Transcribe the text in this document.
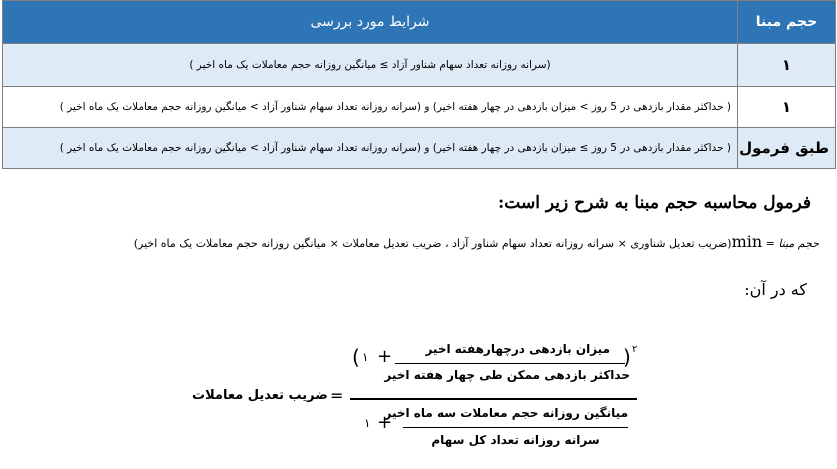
حجم مبنا	شرایط مورد بررسی
۱	(سرانه روزانه تعداد سهام شناور آزاد ≥ میانگین روزانه حجم معاملات یک ماه اخیر )
۱	( حداکثر مقدار بازدهی در 5 روز > میزان بازدهی در چهار هفته اخیر) و (سرانه روزانه تعداد سهام شناور آزاد > میانگین روزانه حجم معاملات یک ماه اخیر )
طبق فرمول	( حداکثر مقدار بازدهی در 5 روز ≥ میزان بازدهی در چهار هفته اخیر) و (سرانه روزانه تعداد سهام شناور آزاد > میانگین روزانه حجم معاملات یک ماه اخیر )
فرمول محاسبه حجم مبنا به شرح زیر است:
حجم مبنا = min(ضریب تعدیل شناوری × سرانه روزانه تعداد سهام شناور آزاد ، ضریب تعدیل معاملات × میانگین روزانه حجم معاملات یک ماه اخیر)
که در آن:
ضریب تعدیل معاملات =
( ۱ +	میزان بازدهی درچهارهفته اخیر
حداکثر بازدهی ممکن طی چهار هفته اخیر
) ۲
۱ +
میانگین روزانه حجم معاملات سه ماه اخیر
سرانه روزانه تعداد کل سهام
